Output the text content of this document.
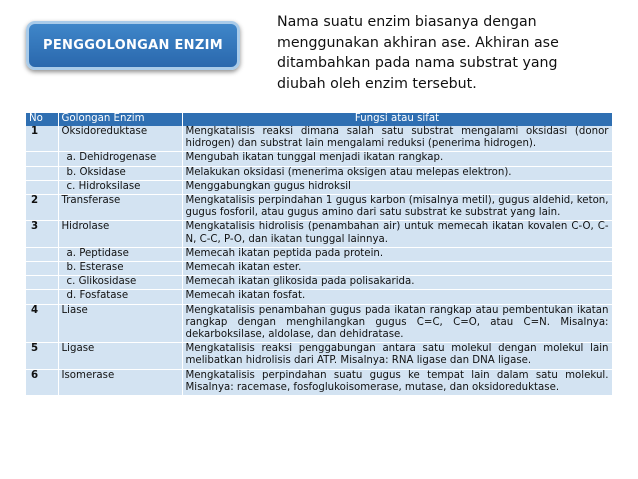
PENGGOLONGAN ENZIM
Nama suatu enzim biasanya dengan
menggunakan akhiran ase. Akhiran ase
ditambahkan pada nama substrat yang
diubah oleh enzim tersebut.
No	Golongan Enzim	Fungsi atau sifat
1	Oksidoreduktase	Mengkatalisis reaksi dimana salah satu substrat mengalami oksidasi (donor hidrogen) dan substrat lain mengalami reduksi (penerima hidrogen).
	a. Dehidrogenase	Mengubah ikatan tunggal menjadi ikatan rangkap.
	b. Oksidase	Melakukan oksidasi (menerima oksigen atau melepas elektron).
	c. Hidroksilase	Menggabungkan gugus hidroksil
2	Transferase	Mengkatalisis perpindahan 1 gugus karbon (misalnya metil), gugus aldehid, keton, gugus fosforil, atau gugus amino dari satu substrat ke substrat yang lain.
3	Hidrolase	Mengkatalisis hidrolisis (penambahan air) untuk memecah ikatan kovalen C-O, C-N, C-C, P-O, dan ikatan tunggal lainnya.
	a. Peptidase	Memecah ikatan peptida pada protein.
	b. Esterase	Memecah ikatan ester.
	c. Glikosidase	Memecah ikatan glikosida pada polisakarida.
	d. Fosfatase	Memecah ikatan fosfat.
4	Liase	Mengkatalisis penambahan gugus pada ikatan rangkap atau pembentukan ikatan rangkap dengan menghilangkan gugus C=C, C=O, atau C=N. Misalnya: dekarboksilase, aldolase, dan dehidratase.
5	Ligase	Mengkatalisis reaksi penggabungan antara satu molekul dengan molekul lain melibatkan hidrolisis dari ATP. Misalnya: RNA ligase dan DNA ligase.
6	Isomerase	Mengkatalisis perpindahan suatu gugus ke tempat lain dalam satu molekul. Misalnya: racemase, fosfoglukoisomerase, mutase, dan oksidoreduktase.
